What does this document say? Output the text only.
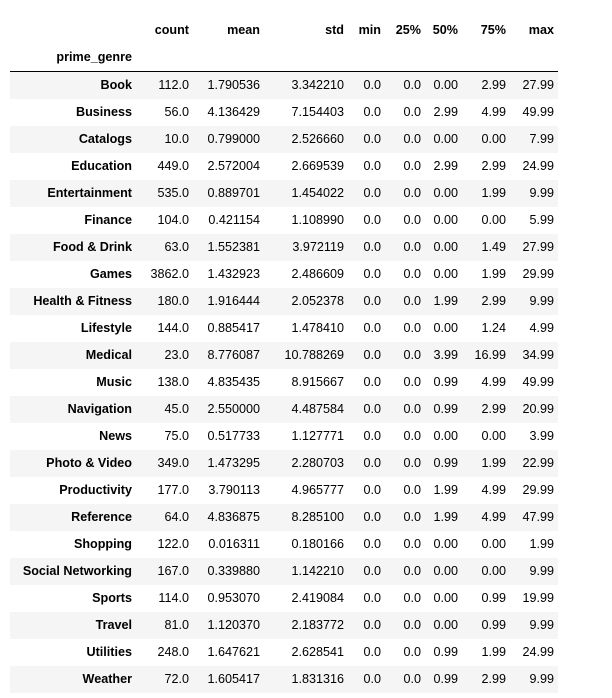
	count	mean	std	min	25%	50%	75%	max
prime_genre								
Book	112.0	1.790536	3.342210	0.0	0.0	0.00	2.99	27.99
Business	56.0	4.136429	7.154403	0.0	0.0	2.99	4.99	49.99
Catalogs	10.0	0.799000	2.526660	0.0	0.0	0.00	0.00	7.99
Education	449.0	2.572004	2.669539	0.0	0.0	2.99	2.99	24.99
Entertainment	535.0	0.889701	1.454022	0.0	0.0	0.00	1.99	9.99
Finance	104.0	0.421154	1.108990	0.0	0.0	0.00	0.00	5.99
Food & Drink	63.0	1.552381	3.972119	0.0	0.0	0.00	1.49	27.99
Games	3862.0	1.432923	2.486609	0.0	0.0	0.00	1.99	29.99
Health & Fitness	180.0	1.916444	2.052378	0.0	0.0	1.99	2.99	9.99
Lifestyle	144.0	0.885417	1.478410	0.0	0.0	0.00	1.24	4.99
Medical	23.0	8.776087	10.788269	0.0	0.0	3.99	16.99	34.99
Music	138.0	4.835435	8.915667	0.0	0.0	0.99	4.99	49.99
Navigation	45.0	2.550000	4.487584	0.0	0.0	0.99	2.99	20.99
News	75.0	0.517733	1.127771	0.0	0.0	0.00	0.00	3.99
Photo & Video	349.0	1.473295	2.280703	0.0	0.0	0.99	1.99	22.99
Productivity	177.0	3.790113	4.965777	0.0	0.0	1.99	4.99	29.99
Reference	64.0	4.836875	8.285100	0.0	0.0	1.99	4.99	47.99
Shopping	122.0	0.016311	0.180166	0.0	0.0	0.00	0.00	1.99
Social Networking	167.0	0.339880	1.142210	0.0	0.0	0.00	0.00	9.99
Sports	114.0	0.953070	2.419084	0.0	0.0	0.00	0.99	19.99
Travel	81.0	1.120370	2.183772	0.0	0.0	0.00	0.99	9.99
Utilities	248.0	1.647621	2.628541	0.0	0.0	0.99	1.99	24.99
Weather	72.0	1.605417	1.831316	0.0	0.0	0.99	2.99	9.99
